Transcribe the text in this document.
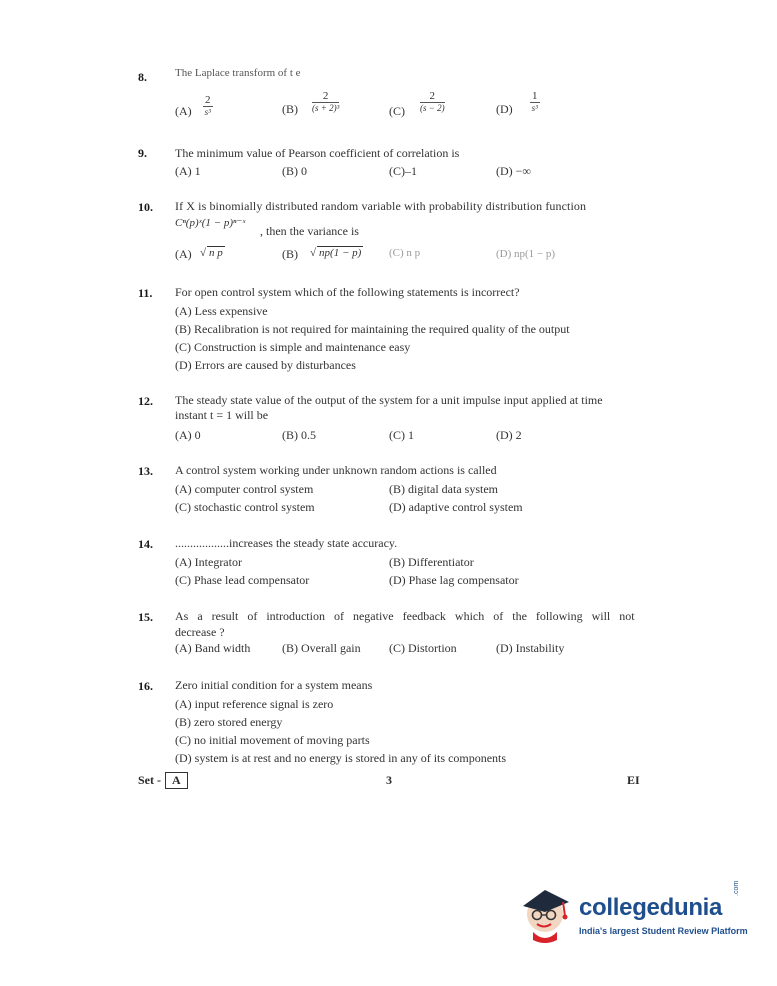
8.	The Laplace transform of t e
(A)
2
s³	(B)
2
(s + 2)³	(C)
2
(s − 2)	(D)
1
s³
9. The minimum value of Pearson coefficient of correlation is
(A) 1	(B) 0	(C)–1	(D) −∞
10. If X is binomially distributed random variable with probability distribution function
Cⁿ(p)ˣ(1 − p)ⁿ⁻ˣ
, then the variance is
(A) √ n p	(B) √ np(1 − p)	(C) n p	(D) np(1 − p)
11. For open control system which of the following statements is incorrect?
(A) Less expensive
(B) Recalibration is not required for maintaining the required quality of the output
(C) Construction is simple and maintenance easy
(D) Errors are caused by disturbances
12. The steady state value of the output of the system for a unit impulse input applied at time
instant t = 1 will be
(A) 0	(B) 0.5	(C) 1	(D) 2
13. A control system working under unknown random actions is called
(A) computer control system	(B) digital data system
(C) stochastic control system	(D) adaptive control system
14. ..................increases the steady state accuracy.
(A) Integrator	(B) Differentiator
(C) Phase lead compensator	(D) Phase lag compensator
15. As a result of introduction of negative feedback which of the following will not
decrease ?
(A) Band width	(B) Overall gain (C) Distortion	(D) Instability
16. Zero initial condition for a system means
(A) input reference signal is zero
(B) zero stored energy
(C) no initial movement of moving parts
(D) system is at rest and no energy is stored in any of its components
Set - A	3	EI
collegedunia
.com
India's largest Student Review Platform
